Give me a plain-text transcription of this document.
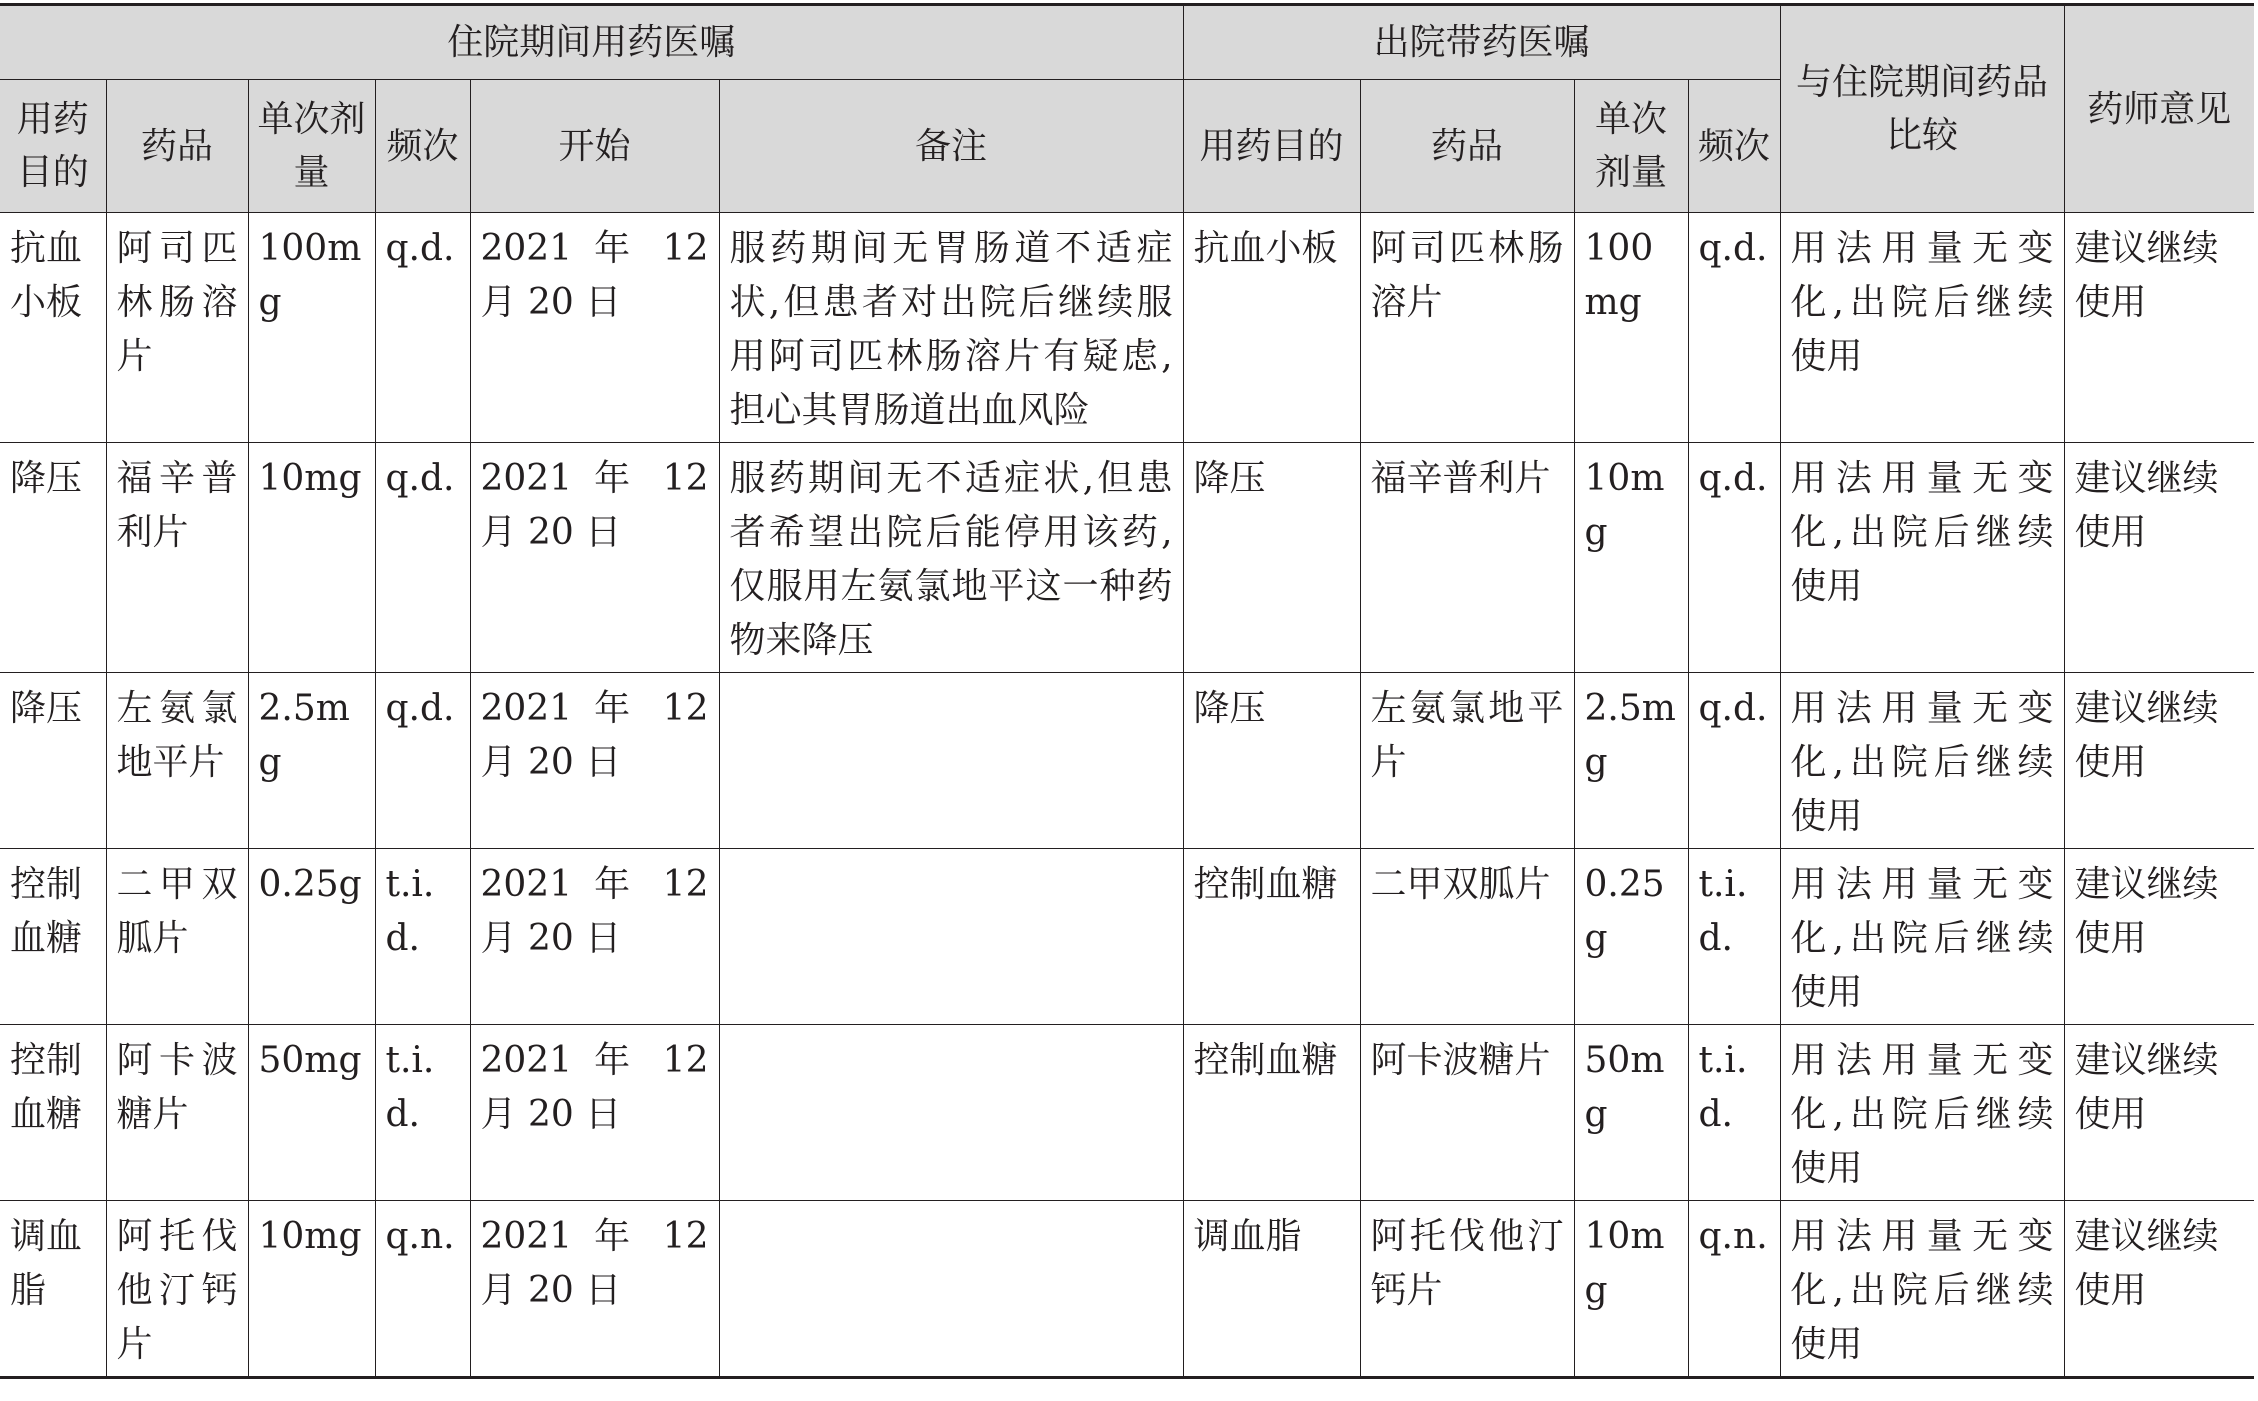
住院期间用药医嘱						出院带药医嘱				与住院期间药品比较	药师意见
用药目的	药品	单次剂量	频次	开始	备注	用药目的	药品	单次剂量	频次		
抗血小板	阿司匹林肠溶片	100mg	q.d.	2021 年 12 月 20 日	服药期间无胃肠道不适症状,但患者对出院后继续服用阿司匹林肠溶片有疑虑,担心其胃肠道出血风险	抗血小板	阿司匹林肠溶片	100mg	q.d.	用法用量无变化,出院后继续使用	建议继续使用
降压	福辛普利片	10mg	q.d.	2021 年 12 月 20 日	服药期间无不适症状,但患者希望出院后能停用该药,仅服用左氨氯地平这一种药物来降压	降压	福辛普利片	10mg	q.d.	用法用量无变化,出院后继续使用	建议继续使用
降压	左氨氯地平片	2.5mg	q.d.	2021 年 12 月 20 日		降压	左氨氯地平片	2.5mg	q.d.	用法用量无变化,出院后继续使用	建议继续使用
控制血糖	二甲双胍片	0.25g	t.i.d.	2021 年 12 月 20 日		控制血糖	二甲双胍片	0.25g	t.i.d.	用法用量无变化,出院后继续使用	建议继续使用
控制血糖	阿卡波糖片	50mg	t.i.d.	2021 年 12 月 20 日		控制血糖	阿卡波糖片	50mg	t.i.d.	用法用量无变化,出院后继续使用	建议继续使用
调血脂	阿托伐他汀钙片	10mg	q.n.	2021 年 12 月 20 日		调血脂	阿托伐他汀钙片	10mg	q.n.	用法用量无变化,出院后继续使用	建议继续使用
